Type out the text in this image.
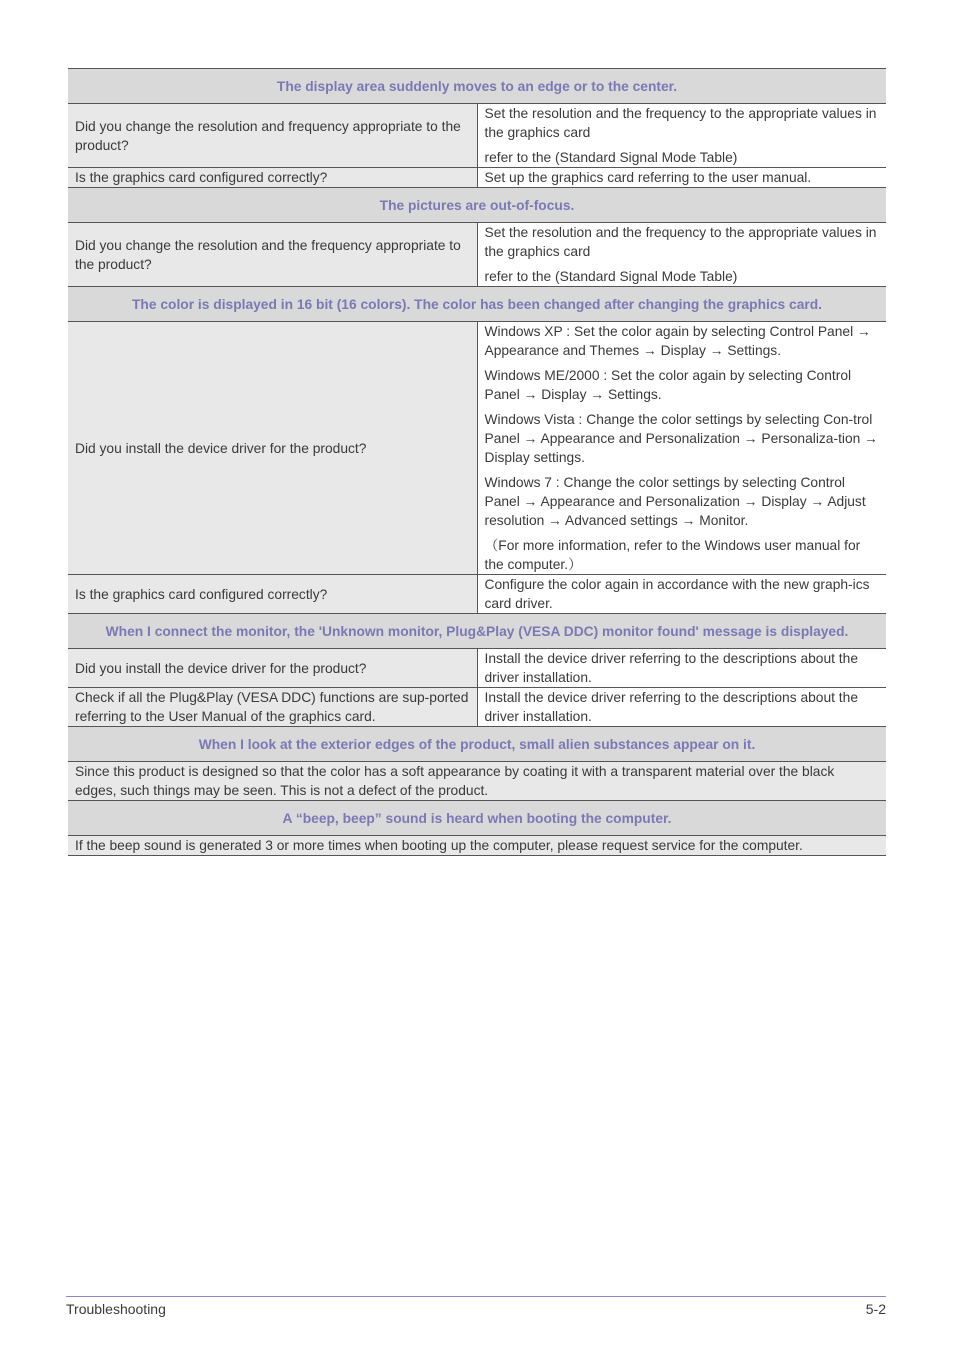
The display area suddenly moves to an edge or to the center.	
Did you change the resolution and frequency appropriate to the product?	Set the resolution and the frequency to the appropriate values in the graphics card

refer to the (Standard Signal Mode Table)

Is the graphics card configured correctly?	Set up the graphics card referring to the user manual.

The pictures are out-of-focus.	
Did you change the resolution and the frequency appropriate to the product?	Set the resolution and the frequency to the appropriate values in the graphics card

refer to the (Standard Signal Mode Table)

The color is displayed in 16 bit (16 colors). The color has been changed after changing the graphics card.	
Did you install the device driver for the product?	Windows XP : Set the color again by selecting Control Panel → Appearance and Themes → Display → Settings.

Windows ME/2000 : Set the color again by selecting Control Panel → Display → Settings.

Windows Vista : Change the color settings by selecting Con-trol Panel → Appearance and Personalization → Personaliza-tion → Display settings.

Windows 7 : Change the color settings by selecting Control Panel → Appearance and Personalization → Display → Adjust resolution → Advanced settings → Monitor.

（For more information, refer to the Windows user manual for the computer.）

Is the graphics card configured correctly?	Configure the color again in accordance with the new graph-ics card driver.

When I connect the monitor, the 'Unknown monitor, Plug&Play (VESA DDC) monitor found' message is displayed.	
Did you install the device driver for the product?	Install the device driver referring to the descriptions about the driver installation.

Check if all the Plug&Play (VESA DDC) functions are sup-ported referring to the User Manual of the graphics card.	Install the device driver referring to the descriptions about the driver installation.

When I look at the exterior edges of the product, small alien substances appear on it.	
Since this product is designed so that the color has a soft appearance by coating it with a transparent material over the black edges, such things may be seen. This is not a defect of the product.	
A “beep, beep” sound is heard when booting the computer.	
If the beep sound is generated 3 or more times when booting up the computer, please request service for the computer.	
Troubleshooting	5-2
